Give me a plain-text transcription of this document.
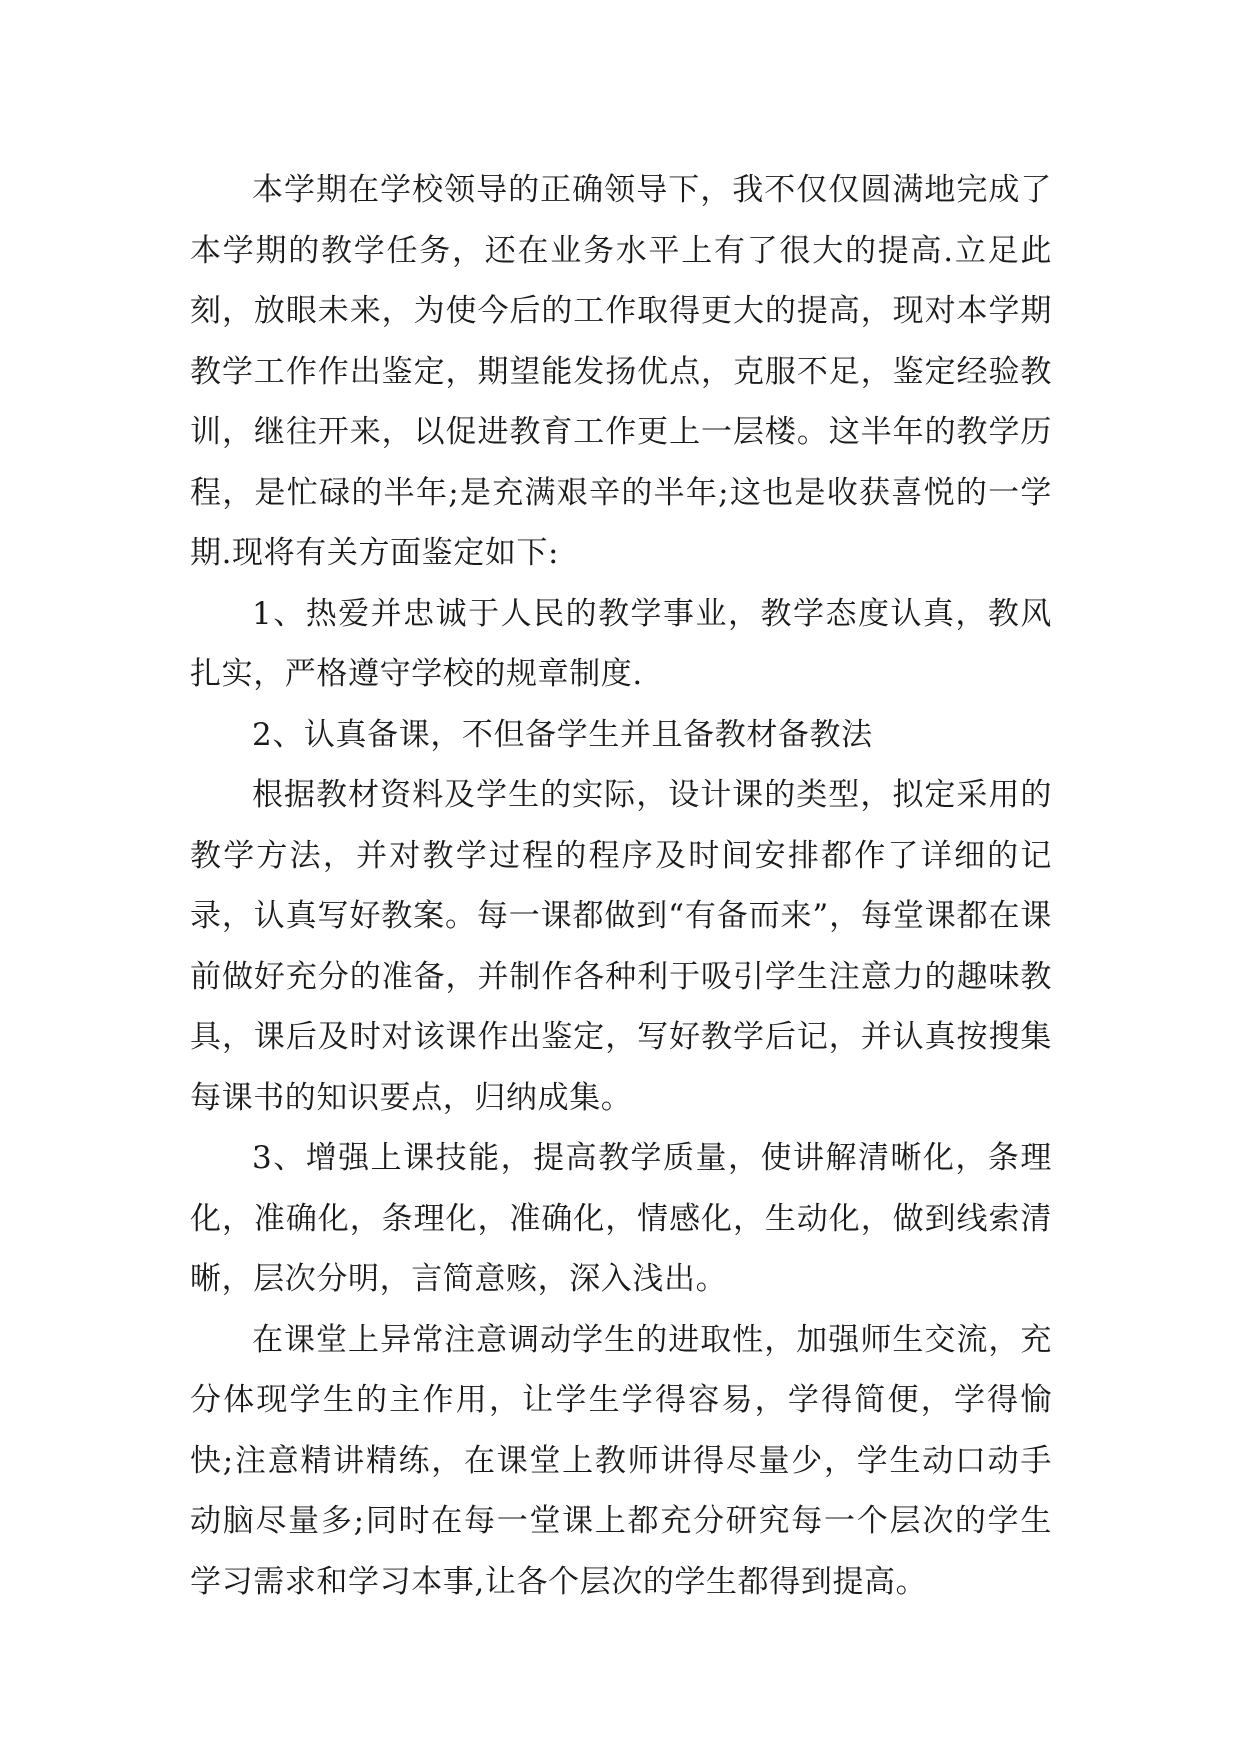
本学期在学校领导的正确领导下，我不仅仅圆满地完成了本学期的教学任务，还在业务水平上有了很大的提高.立足此刻，放眼未来，为使今后的工作取得更大的提高，现对本学期教学工作作出鉴定，期望能发扬优点，克服不足，鉴定经验教训，继往开来，以促进教育工作更上一层楼。这半年的教学历程，是忙碌的半年;是充满艰辛的半年;这也是收获喜悦的一学期.现将有关方面鉴定如下:

1、热爱并忠诚于人民的教学事业，教学态度认真，教风扎实，严格遵守学校的规章制度.

2、认真备课，不但备学生并且备教材备教法

根据教材资料及学生的实际，设计课的类型，拟定采用的教学方法，并对教学过程的程序及时间安排都作了详细的记录，认真写好教案。每一课都做到“有备而来”，每堂课都在课前做好充分的准备，并制作各种利于吸引学生注意力的趣味教具，课后及时对该课作出鉴定，写好教学后记，并认真按搜集每课书的知识要点，归纳成集。

3、增强上课技能，提高教学质量，使讲解清晰化，条理化，准确化，条理化，准确化，情感化，生动化，做到线索清晰，层次分明，言简意赅，深入浅出。

在课堂上异常注意调动学生的进取性，加强师生交流，充分体现学生的主作用，让学生学得容易，学得简便，学得愉快;注意精讲精练，在课堂上教师讲得尽量少，学生动口动手动脑尽量多;同时在每一堂课上都充分研究每一个层次的学生学习需求和学习本事,让各个层次的学生都得到提高。
